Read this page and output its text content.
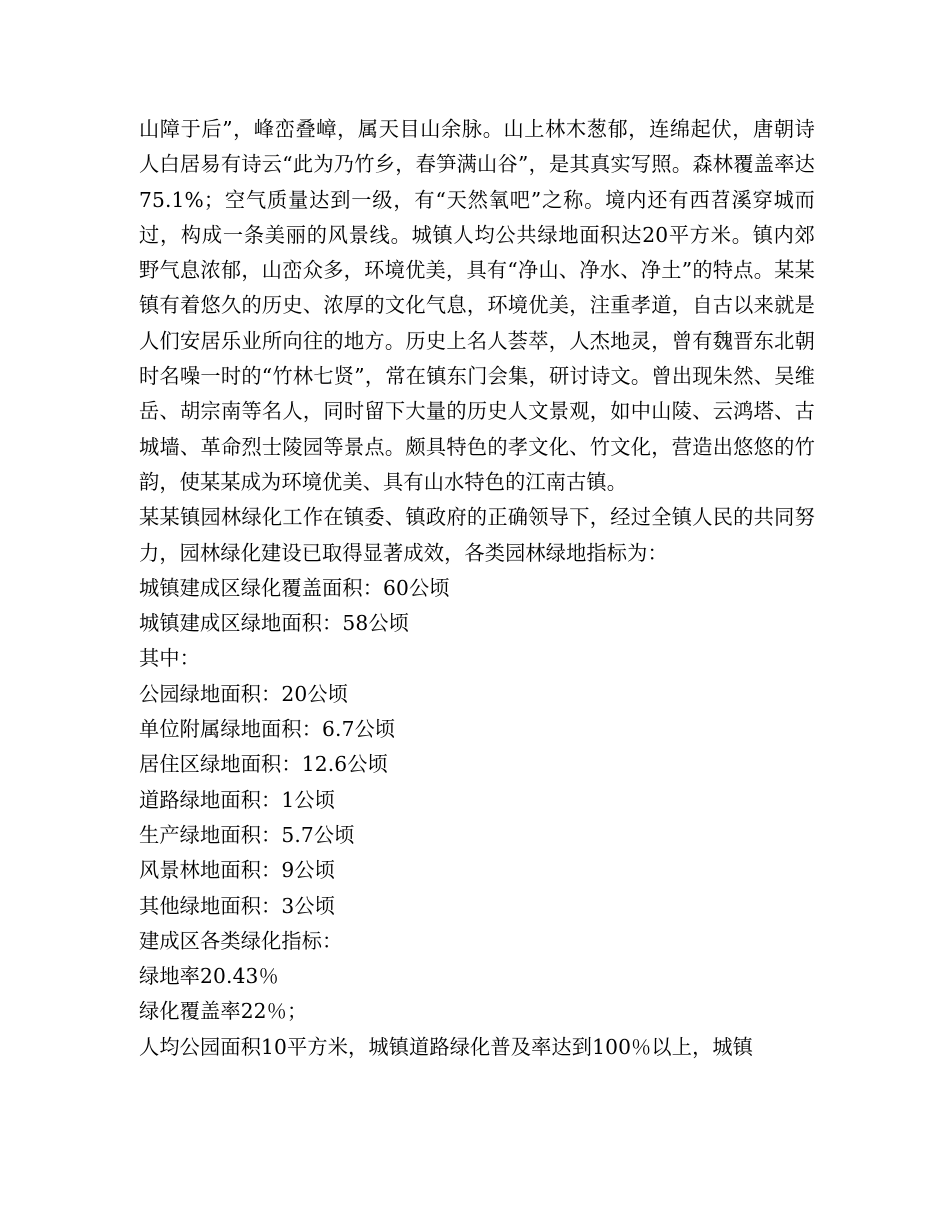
山障于后”，峰峦叠嶂，属天目山余脉。山上林木葱郁，连绵起伏，唐朝诗人白居易有诗云“此为乃竹乡，春笋满山谷”，是其真实写照。森林覆盖率达75.1%；空气质量达到一级，有“天然氧吧”之称。境内还有西苕溪穿城而过，构成一条美丽的风景线。城镇人均公共绿地面积达20平方米。镇内郊野气息浓郁，山峦众多，环境优美，具有“净山、净水、净土”的特点。某某镇有着悠久的历史、浓厚的文化气息，环境优美，注重孝道，自古以来就是人们安居乐业所向往的地方。历史上名人荟萃，人杰地灵，曾有魏晋东北朝时名噪一时的“竹林七贤”，常在镇东门会集，研讨诗文。曾出现朱然、吴维岳、胡宗南等名人，同时留下大量的历史人文景观，如中山陵、云鸿塔、古城墙、革命烈士陵园等景点。颇具特色的孝文化、竹文化，营造出悠悠的竹韵，使某某成为环境优美、具有山水特色的江南古镇。

某某镇园林绿化工作在镇委、镇政府的正确领导下，经过全镇人民的共同努力，园林绿化建设已取得显著成效，各类园林绿地指标为：

城镇建成区绿化覆盖面积：60公顷

城镇建成区绿地面积：58公顷

其中：

公园绿地面积：20公顷

单位附属绿地面积：6.7公顷

居住区绿地面积：12.6公顷

道路绿地面积：1公顷

生产绿地面积：5.7公顷

风景林地面积：9公顷

其他绿地面积：3公顷

建成区各类绿化指标：

绿地率20.43％

绿化覆盖率22％；

人均公园面积10平方米，城镇道路绿化普及率达到100％以上，城镇
